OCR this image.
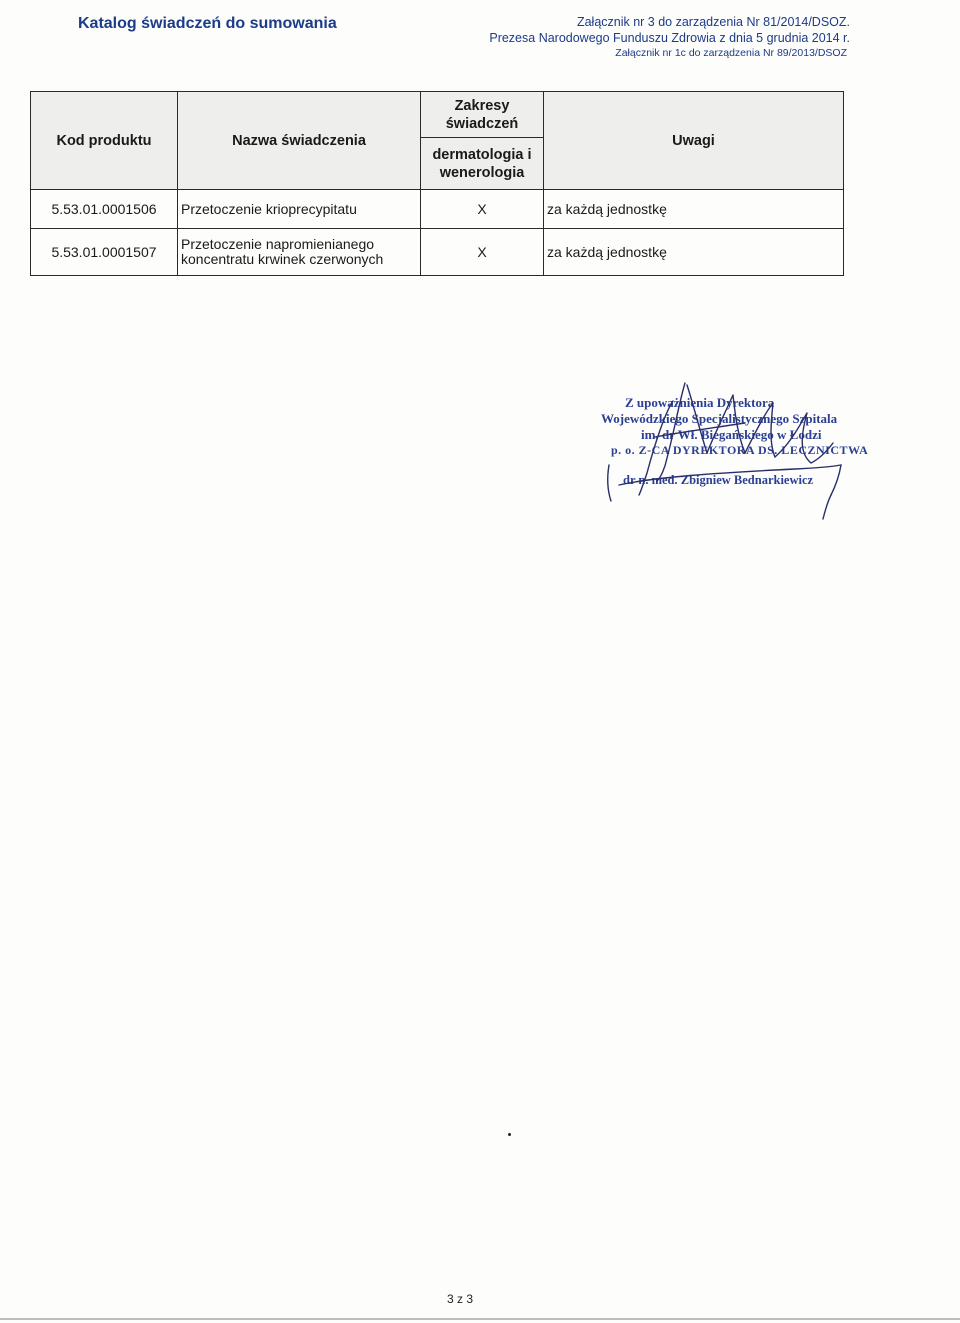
Katalog świadczeń do sumowania	Załącznik nr 3 do zarządzenia Nr 81/2014/DSOZ.
Prezesa Narodowego Funduszu Zdrowia z dnia 5 grudnia 2014 r.
Załącznik nr 1c do zarządzenia Nr 89/2013/DSOZ
Kod produktu	Nazwa świadczenia	Zakresy świadczeń	Uwagi
		dermatologia i wenerologia	
5.53.01.0001506	Przetoczenie krioprecypitatu	X	za każdą jednostkę
5.53.01.0001507	Przetoczenie napromienianego koncentratu krwinek czerwonych	X	za każdą jednostkę
Z upoważnienia Dyrektora
Wojewódzkiego Specjalistycznego Szpitala
im. dr Wł. Biegańskiego w Łodzi
p. o. Z-CA DYREKTORA DS. LECZNICTWA
dr n. med. Zbigniew Bednarkiewicz
3 z 3
